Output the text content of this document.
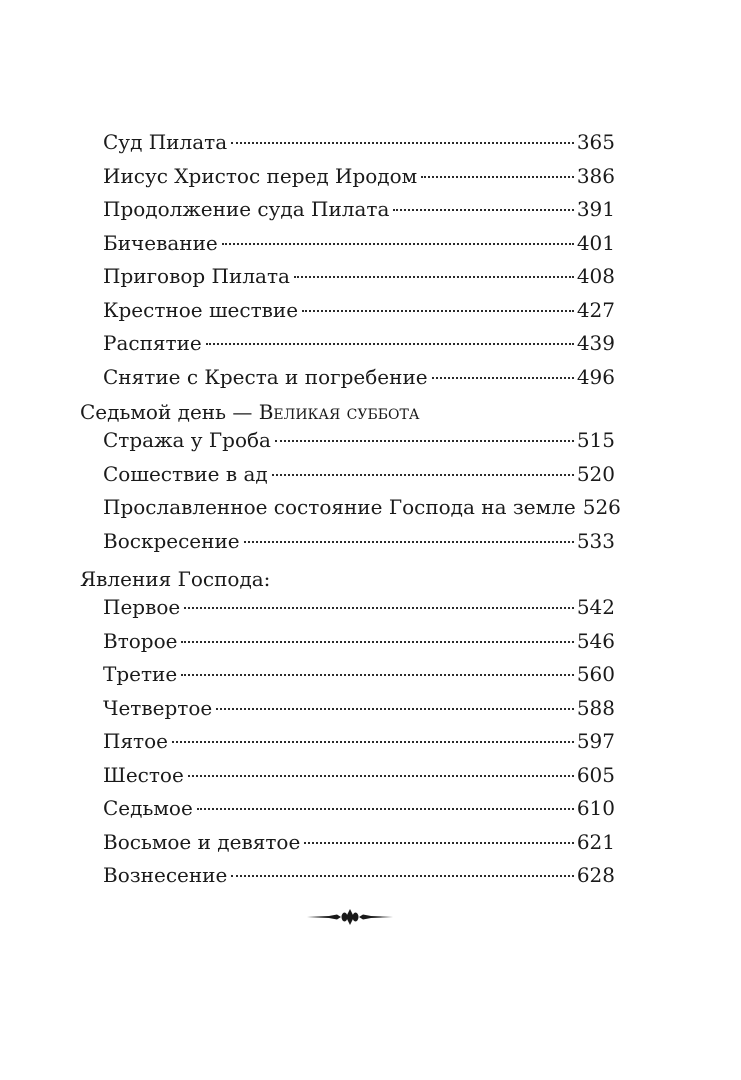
Суд Пилата	365
Иисус Христос перед Иродом	386
Продолжение суда Пилата	391
Бичевание	401
Приговор Пилата	408
Крестное шествие	427
Распятие	439
Снятие с Креста и погребение	496
Седьмой день — Великая суббота
Стража у Гроба	515
Сошествие в ад	520
Прославленное состояние Господа на земле 526
Воскресение	533
Явления Господа:
Первое	542
Второе	546
Третие	560
Четвертое	588
Пятое	597
Шестое	605
Седьмое	610
Восьмое и девятое	621
Вознесение	628
